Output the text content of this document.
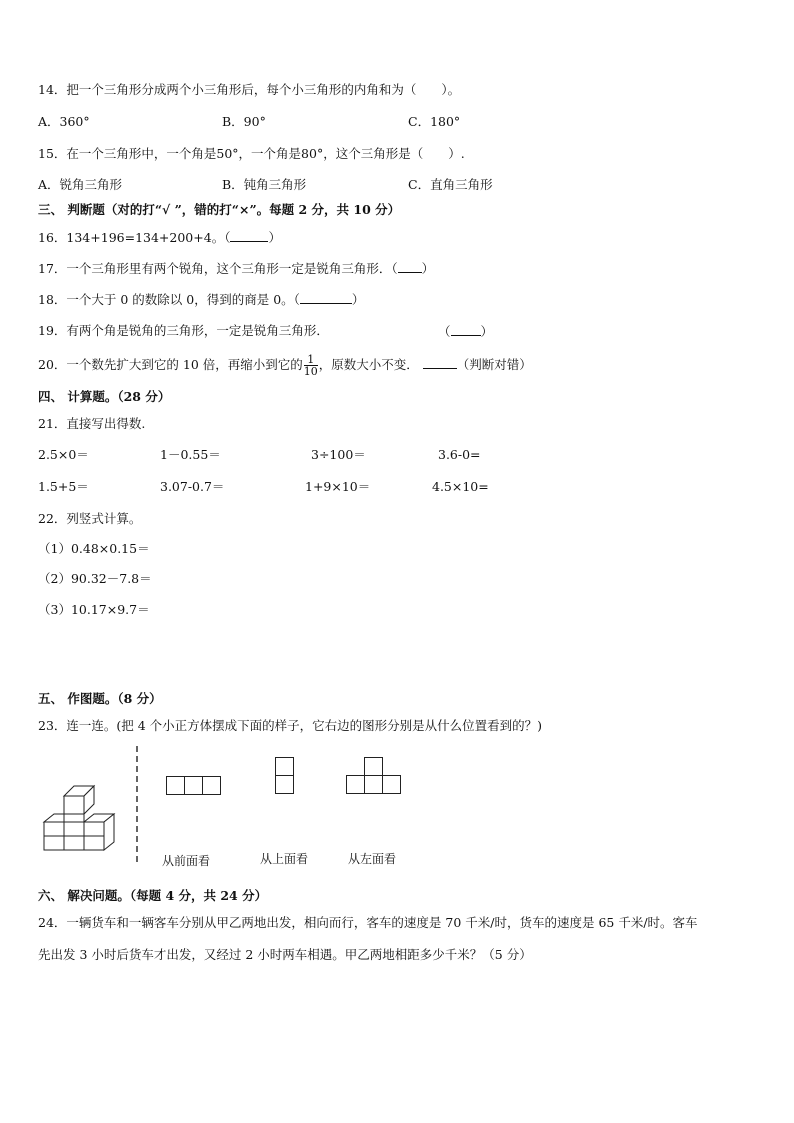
14．把一个三角形分成两个小三角形后，每个小三角形的内角和为（　　）。
A．360°	B．90°	C．180°
15．在一个三角形中，一个角是50°，一个角是80°，这个三角形是（　　）.
A．锐角三角形	B．钝角三角形	C．直角三角形
三、 判断题（对的打“√ ”，错的打“×”。每题 2 分，共 10 分）
16．134+196=134+200+4。（	）
17．一个三角形里有两个锐角，这个三角形一定是锐角三角形．（ ）
18．一个大于 0 的数除以 0，得到的商是 0。（	）
19．有两个角是锐角的三角形，一定是锐角三角形．	（ ）
20．一个数先扩大到它的 10 倍，再缩小到它的 $\frac{1}{10}$ ，原数大小不变．	（判断对错）
四、 计算题。（28 分）
21．直接写出得数.
2.5×0＝	1－0.55＝	3÷100＝	3.6-0=
1.5+5＝	3.07-0.7＝	1+9×10＝	4.5×10=
22．列竖式计算。
（1）0.48×0.15＝
（2）90.32－7.8＝
（3）10.17×9.7＝
五、 作图题。（8 分）
23．连一连。(把 4 个小正方体摆成下面的样子，它右边的图形分别是从什么位置看到的？)
从前面看	从上面看	从左面看
六、 解决问题。（每题 4 分，共 24 分）
24．一辆货车和一辆客车分别从甲乙两地出发，相向而行，客车的速度是 70 千米/时，货车的速度是 65 千米/时。客车
先出发 3 小时后货车才出发，又经过 2 小时两车相遇。甲乙两地相距多少千米？（5 分）
